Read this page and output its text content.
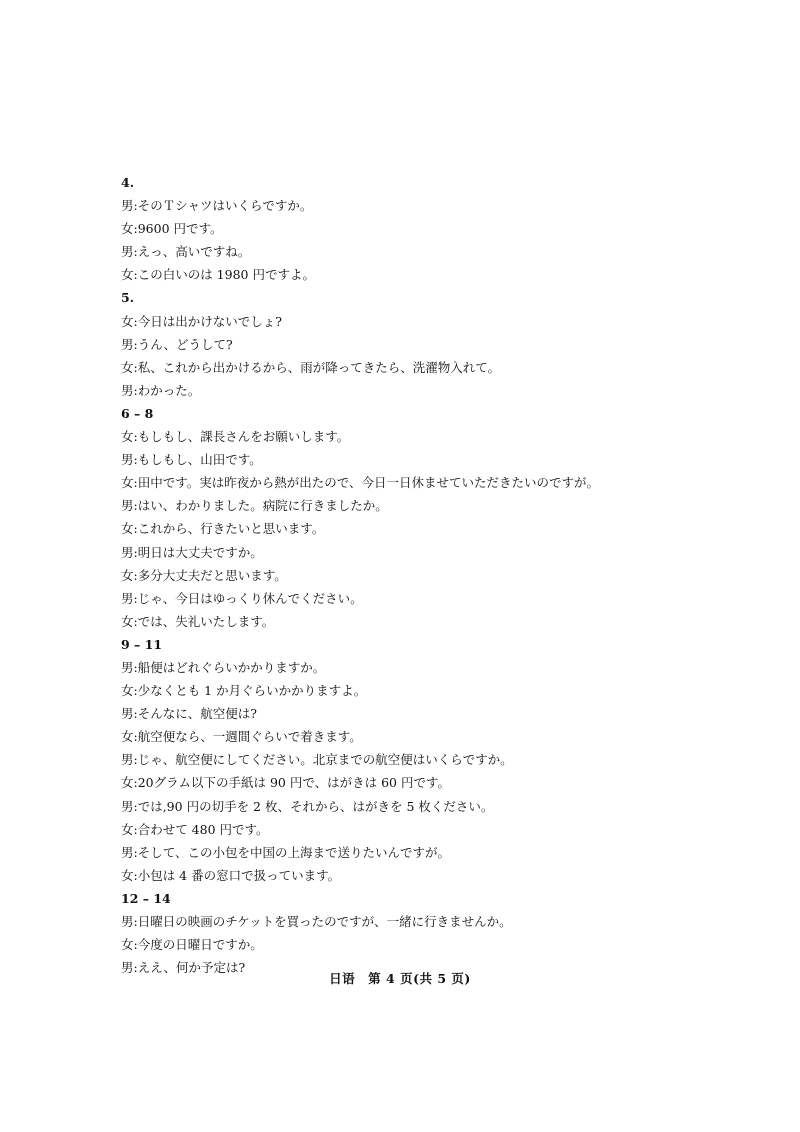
4.
男:そのＴシャツはいくらですか。
女:9600 円です。
男:えっ、高いですね。
女:この白いのは 1980 円ですよ。
5.
女:今日は出かけないでしょ?
男:うん、どうして?
女:私、これから出かけるから、雨が降ってきたら、洗濯物入れて。
男:わかった。
6 – 8
女:もしもし、課長さんをお願いします。
男:もしもし、山田です。
女:田中です。実は昨夜から熱が出たので、今日一日休ませていただきたいのですが。
男:はい、わかりました。病院に行きましたか。
女:これから、行きたいと思います。
男:明日は大丈夫ですか。
女:多分大丈夫だと思います。
男:じゃ、今日はゆっくり休んでください。
女:では、失礼いたします。
9 – 11
男:船便はどれぐらいかかりますか。
女:少なくとも 1 か月ぐらいかかりますよ。
男:そんなに、航空便は?
女:航空便なら、一週間ぐらいで着きます。
男:じゃ、航空便にしてください。北京までの航空便はいくらですか。
女:20グラム以下の手紙は 90 円で、はがきは 60 円です。
男:では,90 円の切手を 2 枚、それから、はがきを 5 枚ください。
女:合わせて 480 円です。
男:そして、この小包を中国の上海まで送りたいんですが。
女:小包は 4 番の窓口で扱っています。
12 – 14
男:日曜日の映画のチケットを買ったのですが、一緒に行きませんか。
女:今度の日曜日ですか。
男:ええ、何か予定は?
日语　第 4 页(共 5 页)
